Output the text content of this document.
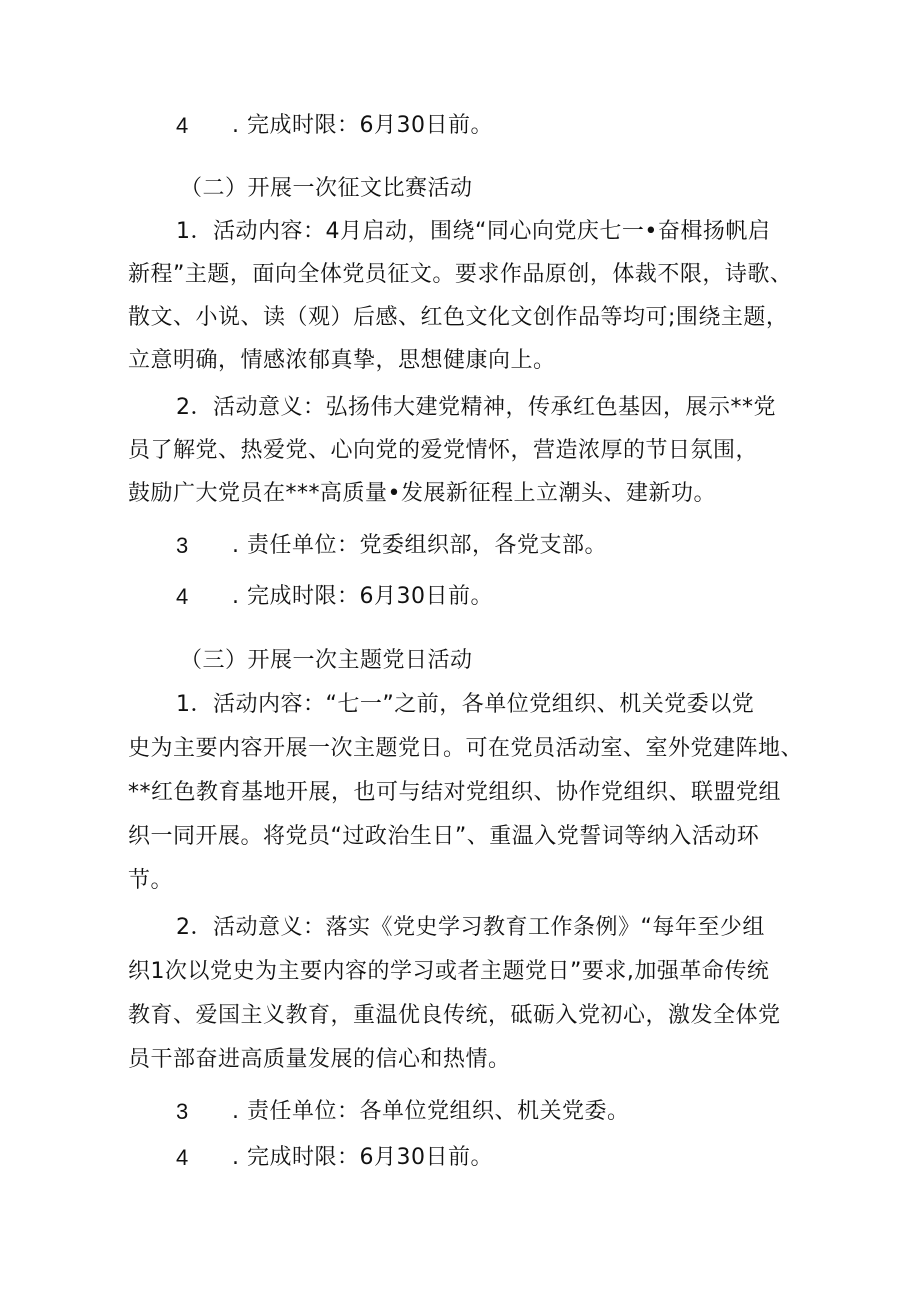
4 . 完成时限：6月30日前。
（二）开展一次征文比赛活动
1．活动内容：4月启动，围绕“同心向党庆七一•奋楫扬帆启
新程”主题，面向全体党员征文。要求作品原创，体裁不限，诗歌、
散文、小说、读（观）后感、红色文化文创作品等均可;围绕主题，
立意明确，情感浓郁真挚，思想健康向上。
2．活动意义：弘扬伟大建党精神，传承红色基因，展示**党
员了解党、热爱党、心向党的爱党情怀，营造浓厚的节日氛围，
鼓励广大党员在***高质量•发展新征程上立潮头、建新功。
3 . 责任单位：党委组织部，各党支部。
4 . 完成时限：6月30日前。
（三）开展一次主题党日活动
1．活动内容：“七一”之前，各单位党组织、机关党委以党
史为主要内容开展一次主题党日。可在党员活动室、室外党建阵地、
**红色教育基地开展，也可与结对党组织、协作党组织、联盟党组
织一同开展。将党员“过政治生日”、重温入党誓词等纳入活动环
节。
2．活动意义：落实《党史学习教育工作条例》“每年至少组
织1次以党史为主要内容的学习或者主题党日”要求,加强革命传统
教育、爱国主义教育，重温优良传统，砥砺入党初心，激发全体党
员干部奋进高质量发展的信心和热情。
3 . 责任单位：各单位党组织、机关党委。
4 . 完成时限：6月30日前。
